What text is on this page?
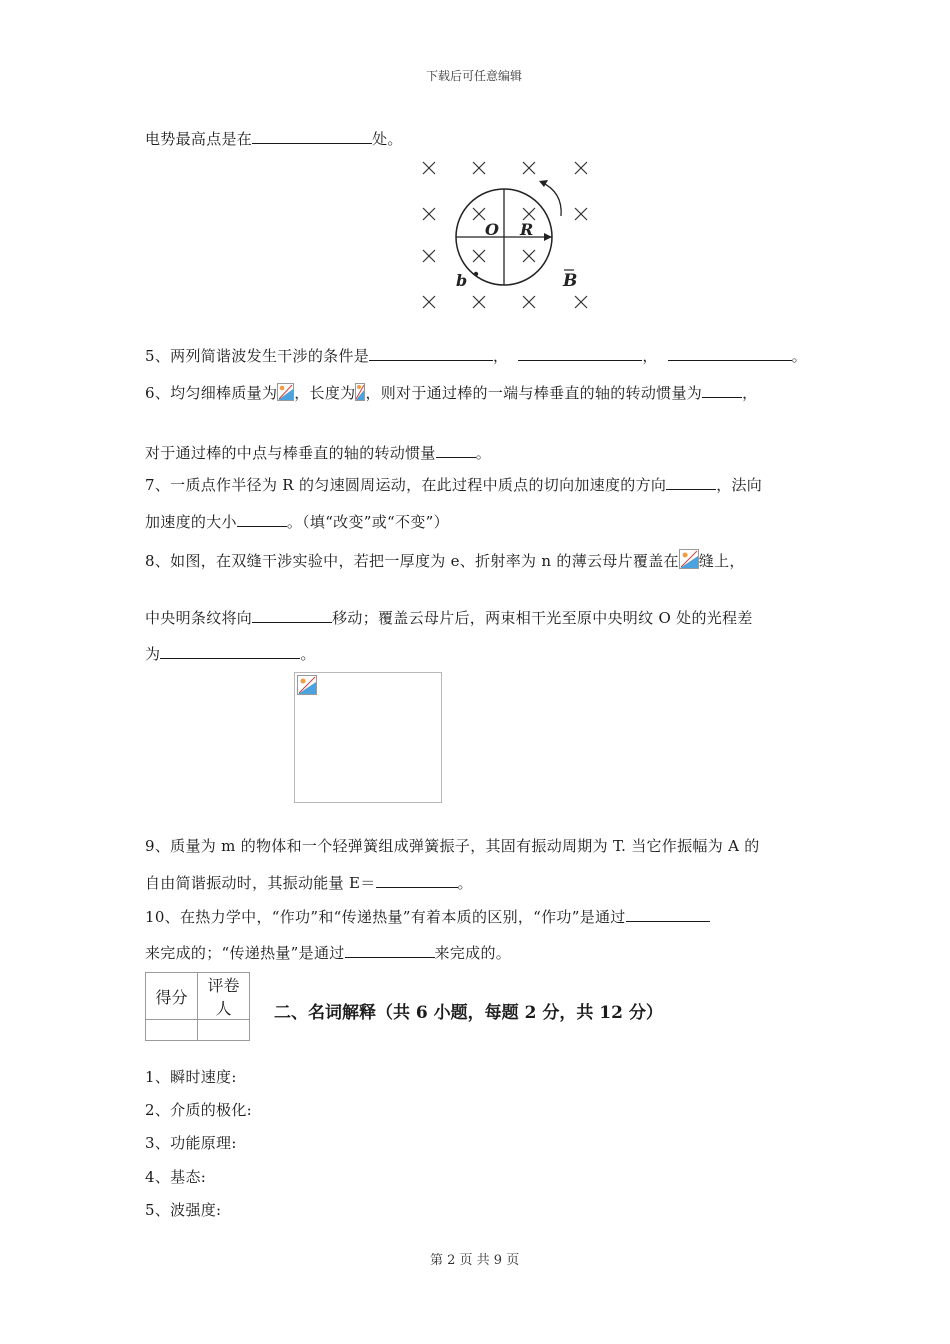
下载后可任意编辑
电势最高点是在	处。
O R
b	B
5、两列简谐波发生干涉的条件是	，	，	。
6、均匀细棒质量为 ，长度为 ，则对于通过棒的一端与棒垂直的轴的转动惯量为	，
对于通过棒的中点与棒垂直的轴的转动惯量	。
7、一质点作半径为 R 的匀速圆周运动，在此过程中质点的切向加速度的方向	，法向
加速度的大小	。（填“改变”或“不变”）
8、如图，在双缝干涉实验中，若把一厚度为 e、折射率为 n 的薄云母片覆盖在 缝上，
中央明条纹将向	移动；覆盖云母片后，两束相干光至原中央明纹 O 处的光程差
为	。
9、质量为 m 的物体和一个轻弹簧组成弹簧振子，其固有振动周期为 T. 当它作振幅为 A 的
自由简谐振动时，其振动能量 E＝	。
10、在热力学中，“作功”和“传递热量”有着本质的区别，“作功”是通过
来完成的；“传递热量”是通过	来完成的。
得分	评卷人
		二、名词解释（共 6 小题，每题 2 分，共 12 分）
1、瞬时速度:
2、介质的极化:
3、功能原理:
4、基态:
5、波强度:
第 2 页 共 9 页
